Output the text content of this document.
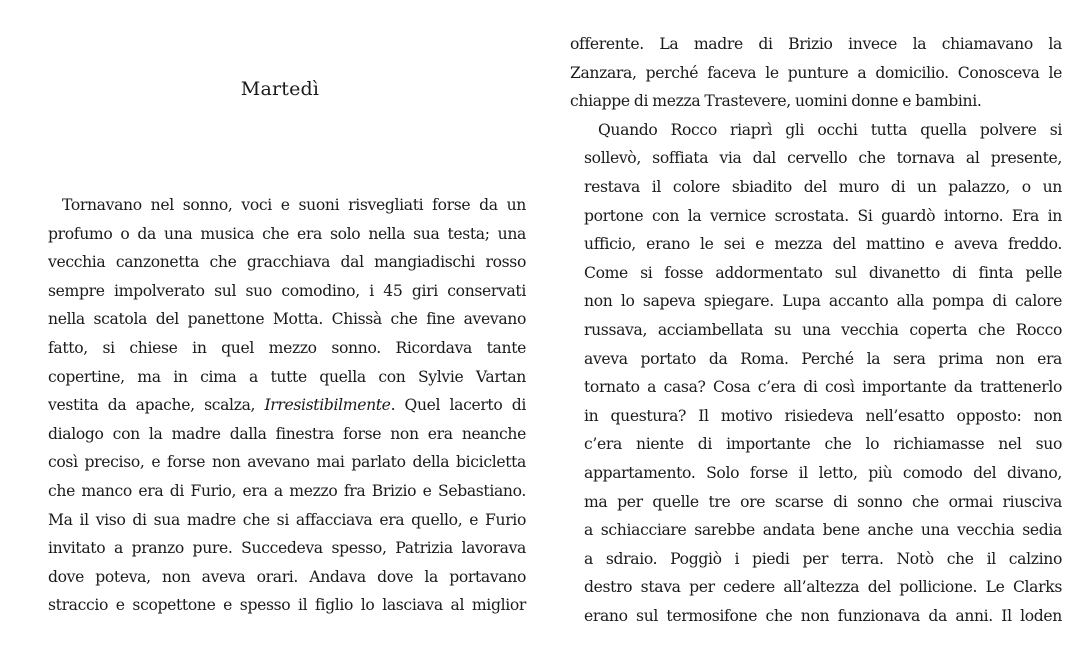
Martedì
Tornavano nel sonno, voci e suoni risvegliati forse da un
profumo o da una musica che era solo nella sua testa; una
vecchia canzonetta che gracchiava dal mangiadischi rosso
sempre impolverato sul suo comodino, i 45 giri conservati
nella scatola del panettone Motta. Chissà che fine avevano
fatto, si chiese in quel mezzo sonno. Ricordava tante
copertine, ma in cima a tutte quella con Sylvie Vartan
vestita da apache, scalza, Irresistibilmente. Quel lacerto di
dialogo con la madre dalla finestra forse non era neanche
così preciso, e forse non avevano mai parlato della bicicletta
che manco era di Furio, era a mezzo fra Brizio e Sebastiano.
Ma il viso di sua madre che si affacciava era quello, e Furio
invitato a pranzo pure. Succedeva spesso, Patrizia lavorava
dove poteva, non aveva orari. Andava dove la portavano
straccio e scopettone e spesso il figlio lo lasciava al miglior
offerente. La madre di Brizio invece la chiamavano la
Zanzara, perché faceva le punture a domicilio. Conosceva le
chiappe di mezza Trastevere, uomini donne e bambini.
Quando Rocco riaprì gli occhi tutta quella polvere si
sollevò, soffiata via dal cervello che tornava al presente,
restava il colore sbiadito del muro di un palazzo, o un
portone con la vernice scrostata. Si guardò intorno. Era in
ufficio, erano le sei e mezza del mattino e aveva freddo.
Come si fosse addormentato sul divanetto di finta pelle
non lo sapeva spiegare. Lupa accanto alla pompa di calore
russava, acciambellata su una vecchia coperta che Rocco
aveva portato da Roma. Perché la sera prima non era
tornato a casa? Cosa c’era di così importante da trattenerlo
in questura? Il motivo risiedeva nell’esatto opposto: non
c’era niente di importante che lo richiamasse nel suo
appartamento. Solo forse il letto, più comodo del divano,
ma per quelle tre ore scarse di sonno che ormai riusciva
a schiacciare sarebbe andata bene anche una vecchia sedia
a sdraio. Poggiò i piedi per terra. Notò che il calzino
destro stava per cedere all’altezza del pollicione. Le Clarks
erano sul termosifone che non funzionava da anni. Il loden
